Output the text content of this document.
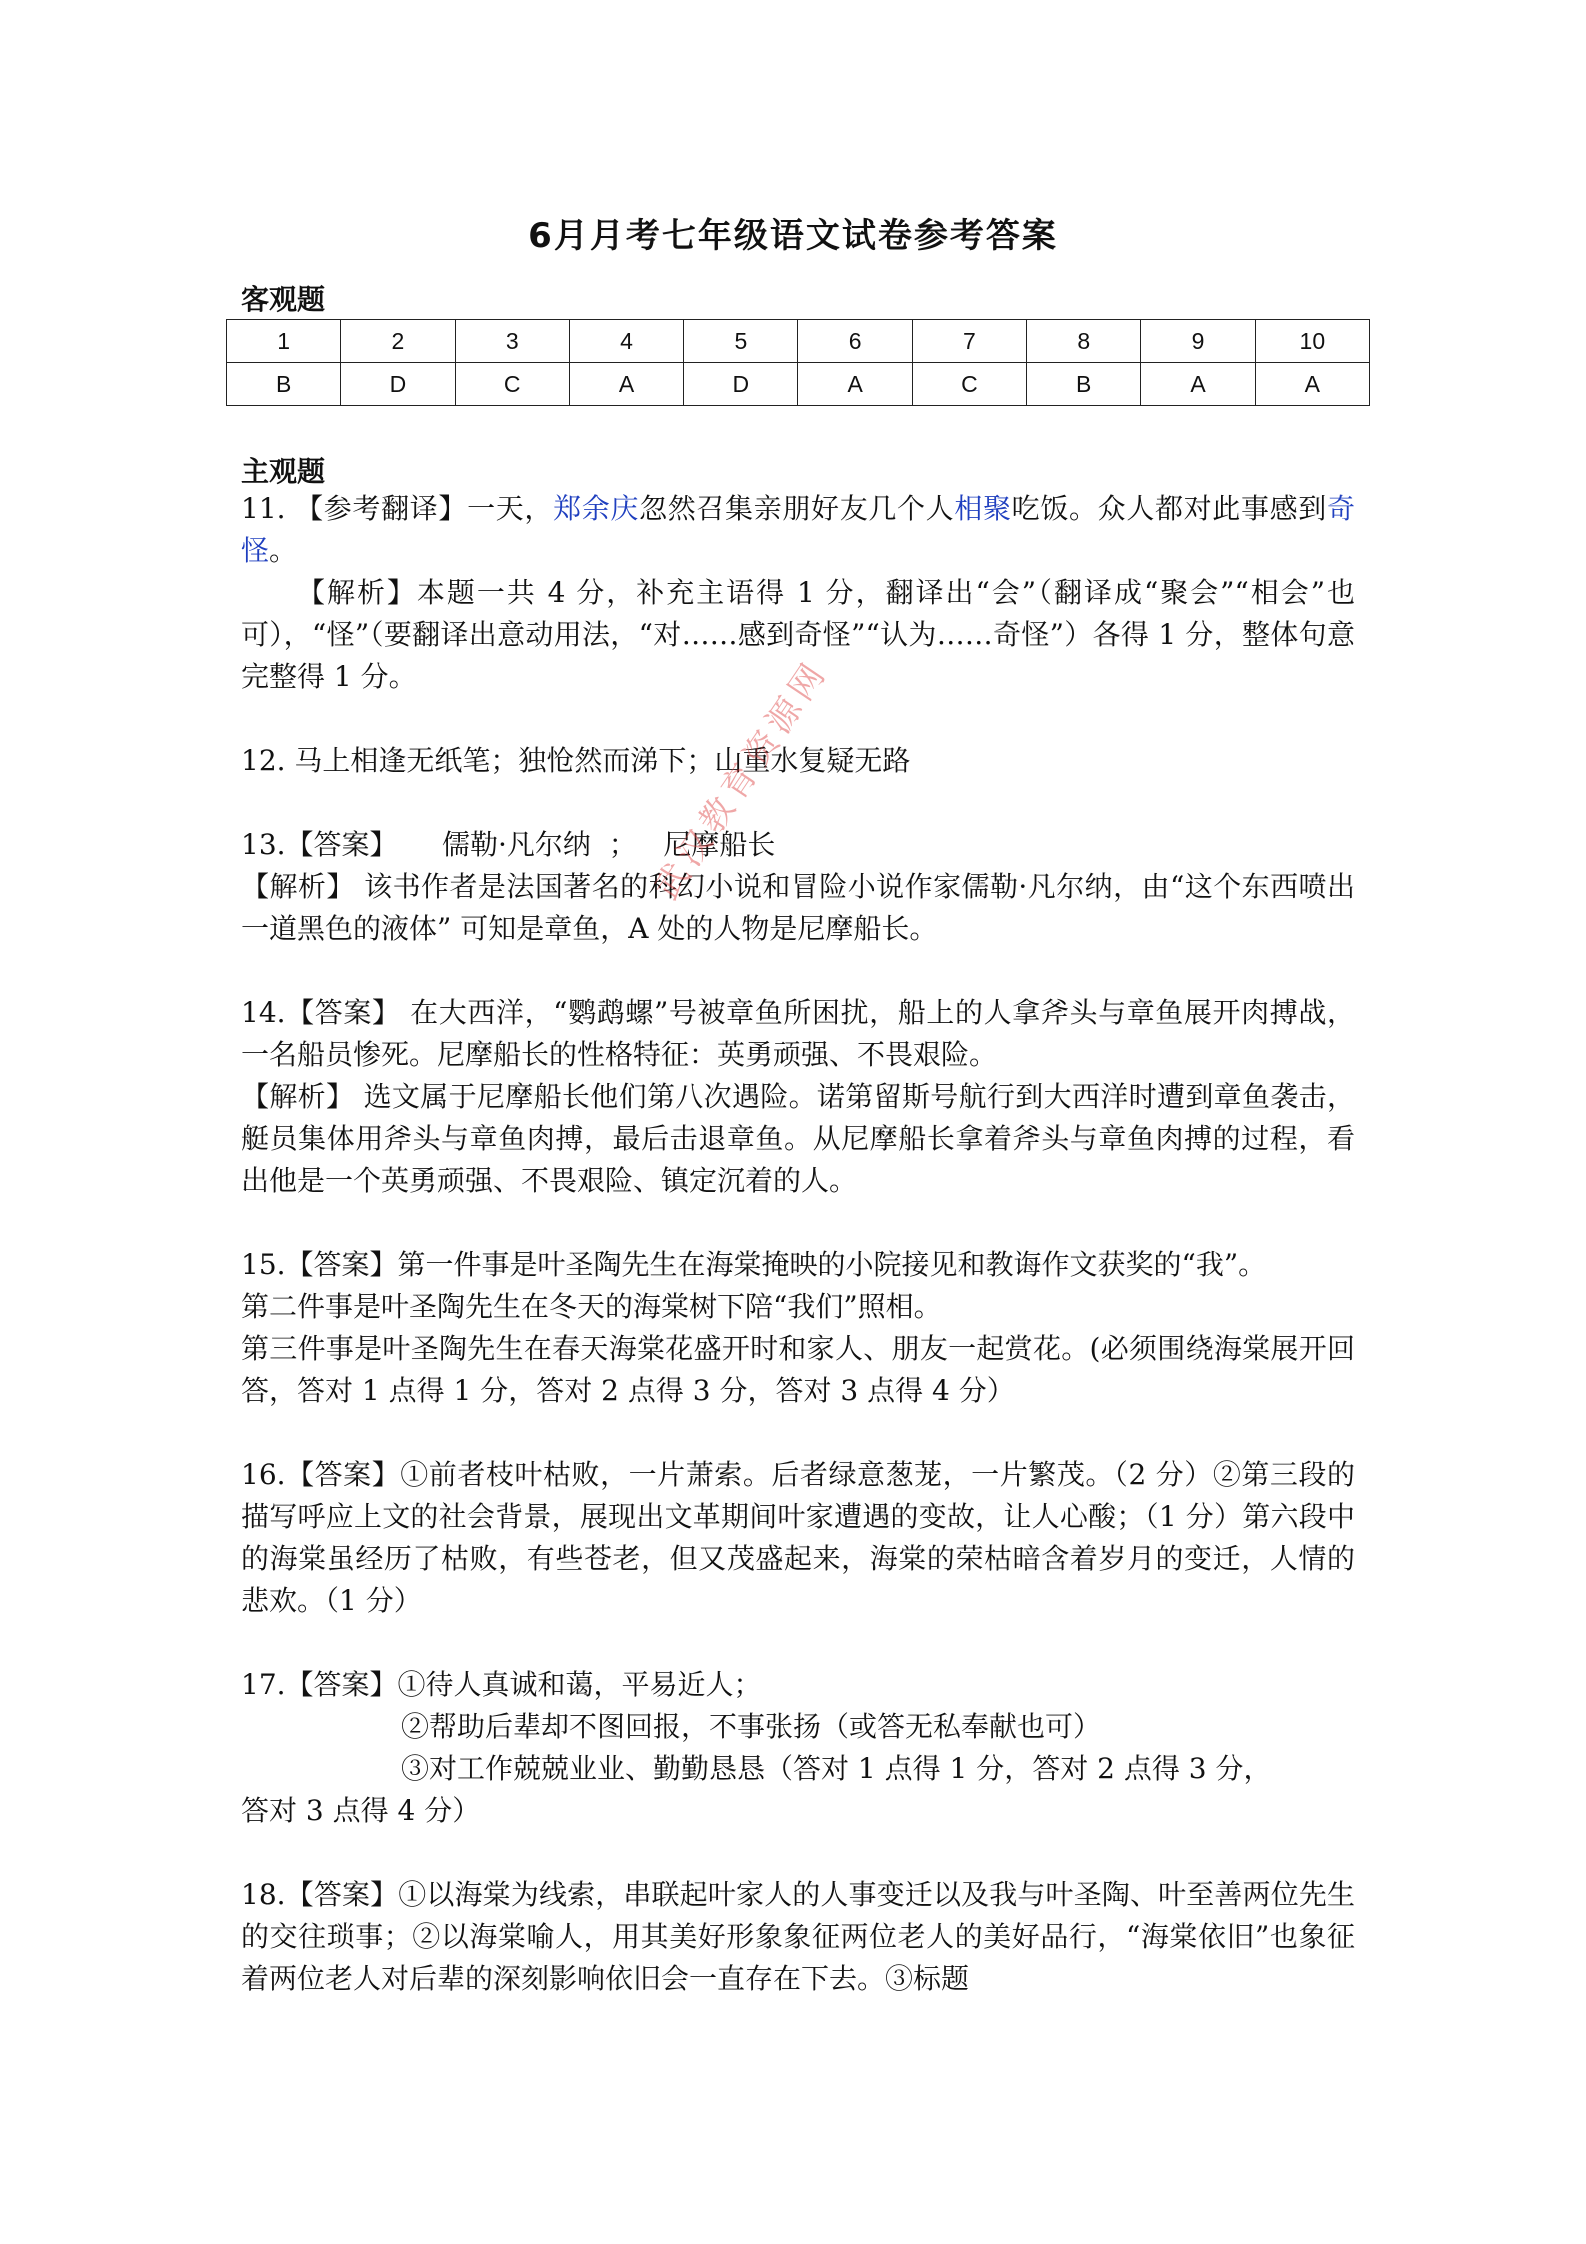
6月月考七年级语文试卷参考答案
客观题
1	2	3	4	5	6	7	8	9	10
B	D	C	A	D	A	C	B	A	A
主观题

11. 【参考翻译】一天，郑余庆忽然召集亲朋好友几个人相聚吃饭。众人都对此事感到奇怪。

【解析】本题一共 4 分，补充主语得 1 分，翻译出“会”（翻译成“聚会”“相会”也可），“怪”（要翻译出意动用法，“对……感到奇怪”“认为……奇怪”）各得 1 分，整体句意完整得 1 分。

12. 马上相逢无纸笔；独怆然而涕下；山重水复疑无路

13.【答案】     儒勒·凡尔纳  ；   尼摩船长

【解析】 该书作者是法国著名的科幻小说和冒险小说作家儒勒·凡尔纳，由“这个东西喷出一道黑色的液体” 可知是章鱼，A 处的人物是尼摩船长。

14.【答案】 在大西洋，“鹦鹉螺”号被章鱼所困扰，船上的人拿斧头与章鱼展开肉搏战，一名船员惨死。尼摩船长的性格特征：英勇顽强、不畏艰险。

【解析】 选文属于尼摩船长他们第八次遇险。诺第留斯号航行到大西洋时遭到章鱼袭击，艇员集体用斧头与章鱼肉搏，最后击退章鱼。从尼摩船长拿着斧头与章鱼肉搏的过程，看出他是一个英勇顽强、不畏艰险、镇定沉着的人。

15.【答案】第一件事是叶圣陶先生在海棠掩映的小院接见和教诲作文获奖的“我”。

第二件事是叶圣陶先生在冬天的海棠树下陪“我们”照相。

第三件事是叶圣陶先生在春天海棠花盛开时和家人、朋友一起赏花。(必须围绕海棠展开回答，答对 1 点得 1 分，答对 2 点得 3 分，答对 3 点得 4 分）

16.【答案】①前者枝叶枯败，一片萧索。后者绿意葱茏，一片繁茂。（2 分）②第三段的描写呼应上文的社会背景，展现出文革期间叶家遭遇的变故，让人心酸；（1 分）第六段中的海棠虽经历了枯败，有些苍老，但又茂盛起来，海棠的荣枯暗含着岁月的变迁，人情的悲欢。（1 分）

17.【答案】①待人真诚和蔼，平易近人；

②帮助后辈却不图回报，不事张扬（或答无私奉献也可）

③对工作兢兢业业、勤勤恳恳（答对 1 点得 1 分，答对 2 点得 3 分，

答对 3 点得 4 分）

18.【答案】①以海棠为线索，串联起叶家人的人事变迁以及我与叶圣陶、叶至善两位先生的交往琐事；②以海棠喻人，用其美好形象象征两位老人的美好品行，“海棠依旧”也象征着两位老人对后辈的深刻影响依旧会一直存在下去。③标题

武汉教育资源网
